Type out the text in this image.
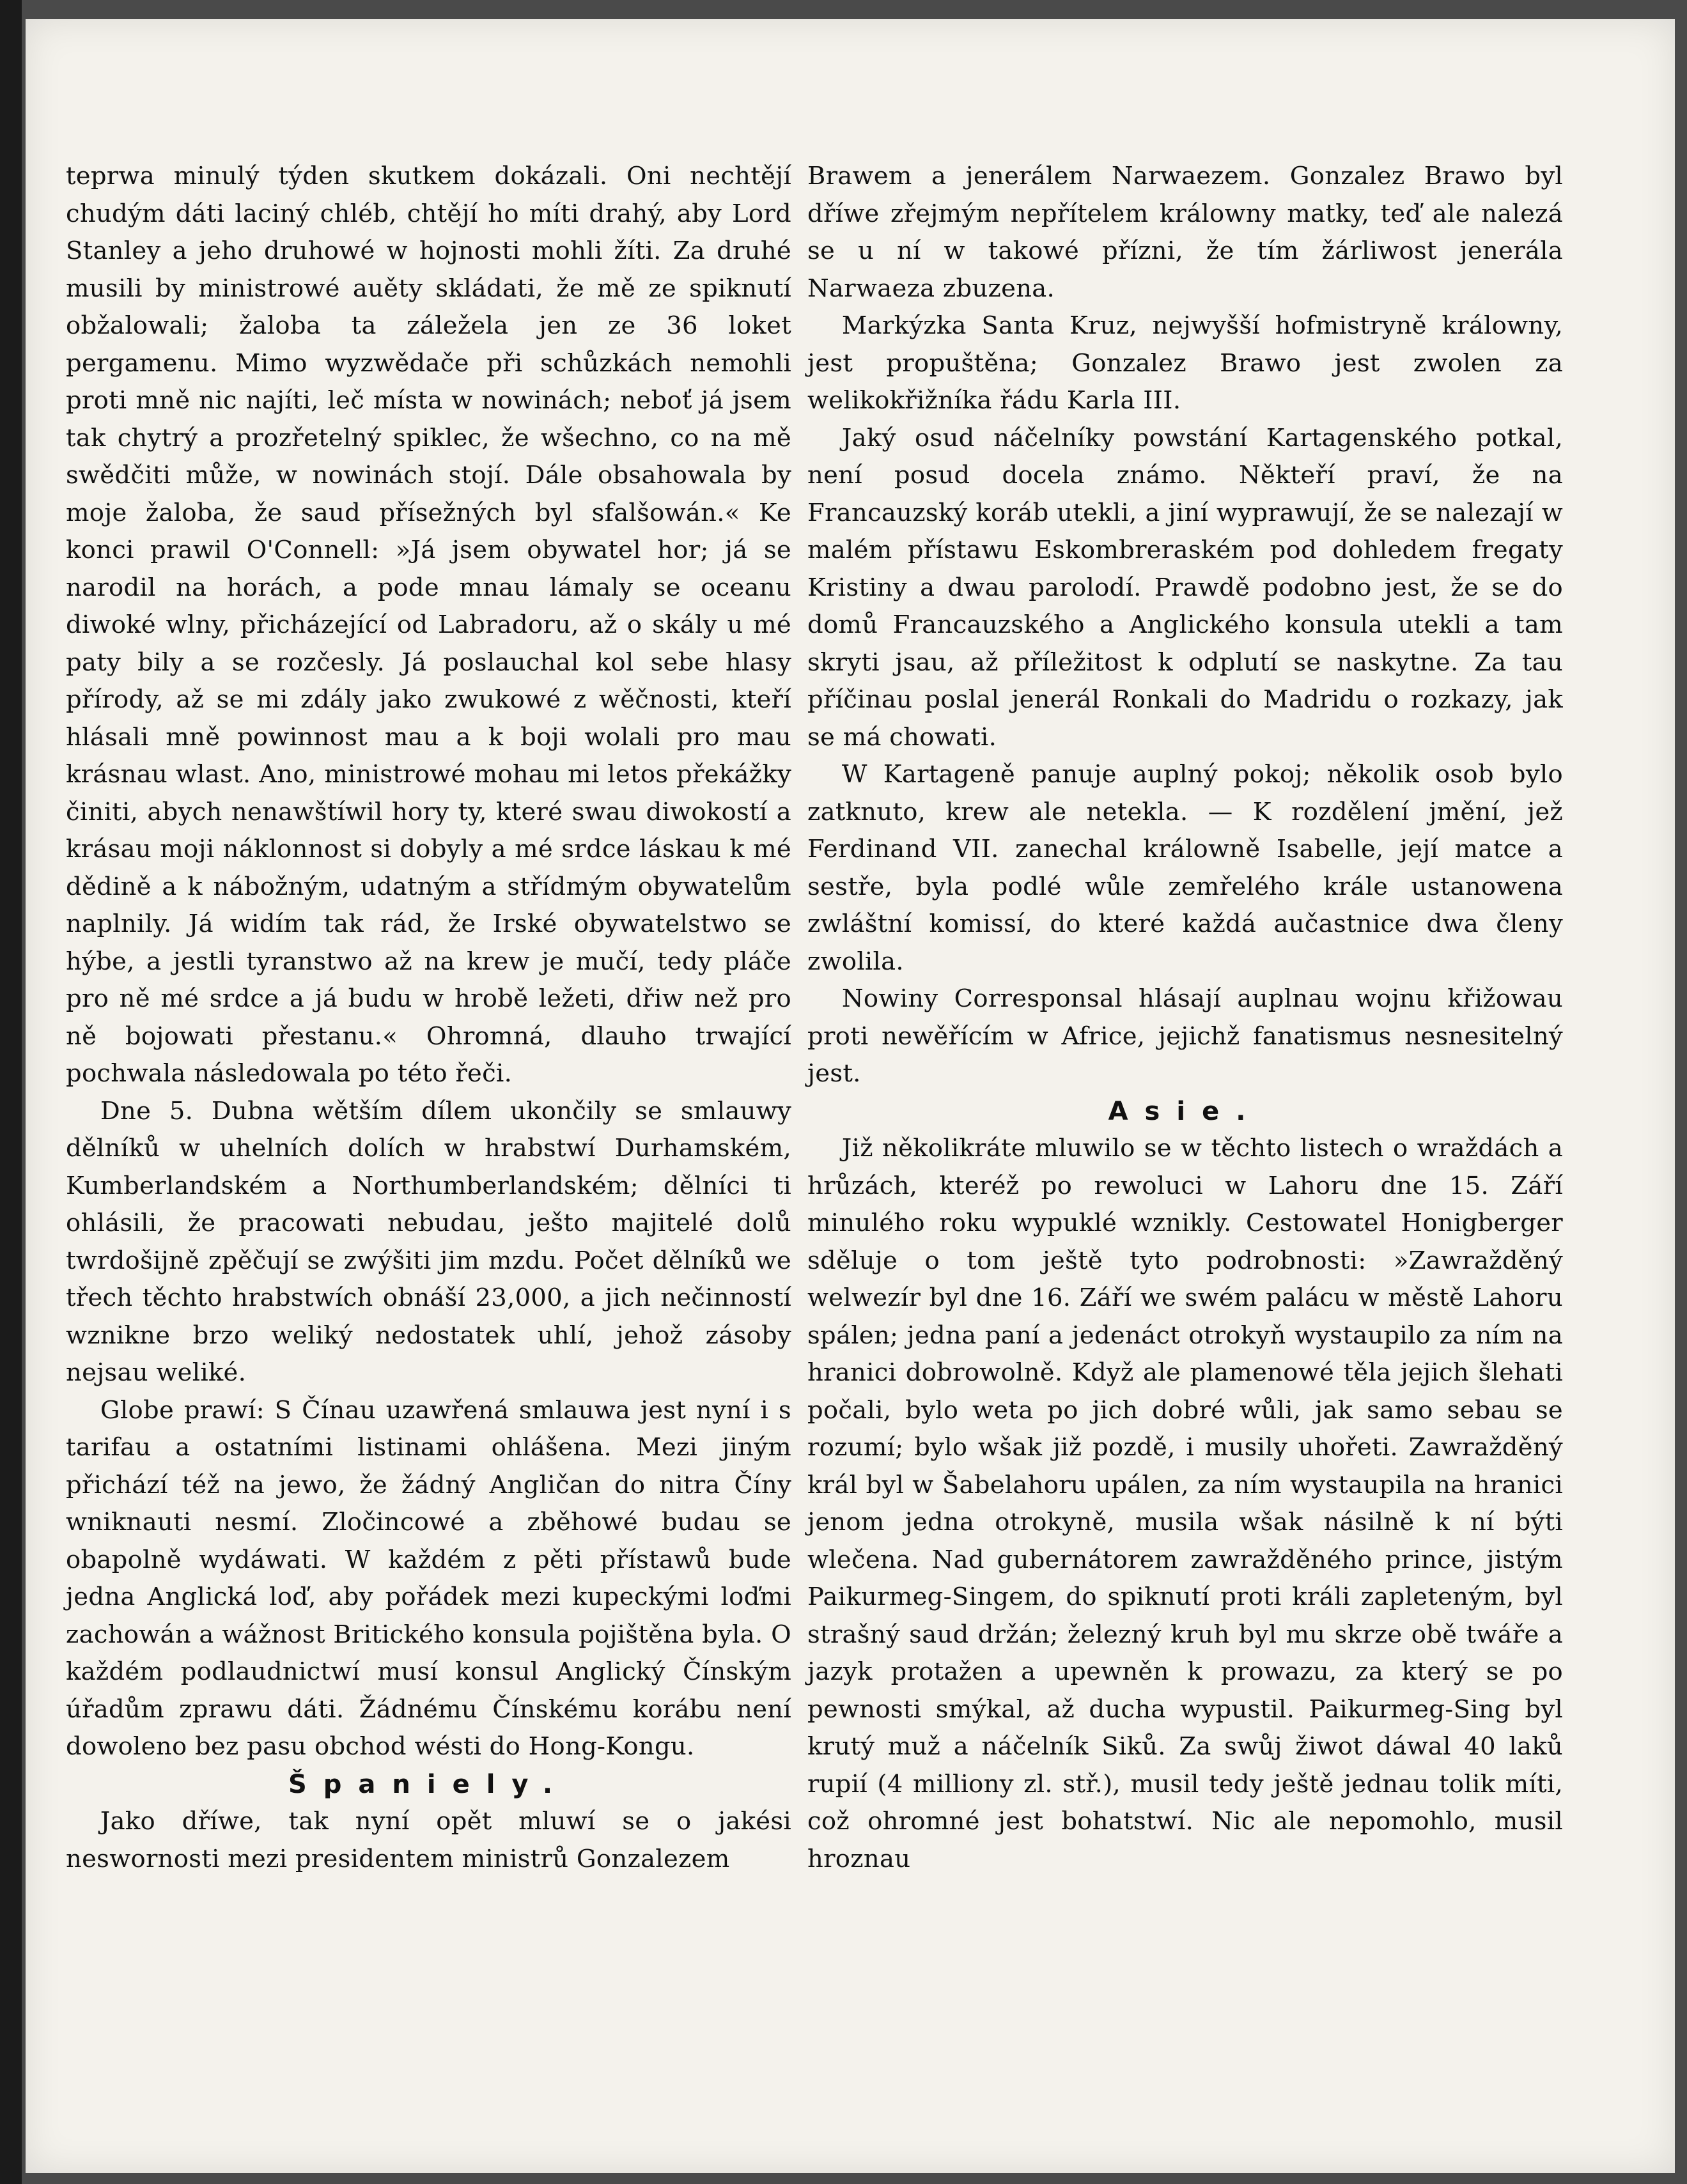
teprwa minulý týden skutkem dokázali. Oni nechtějí chudým dáti laciný chléb, chtějí ho míti drahý, aby Lord Stanley a jeho druhowé w hojnosti mohli žíti. Za druhé musili by ministrowé auěty skládati, že mě ze spiknutí obžalowali; žaloba ta záležela jen ze 36 loket pergamenu. Mimo wyzwědače při schůzkách nemohli proti mně nic najíti, leč místa w nowinách; neboť já jsem tak chytrý a prozřetelný spiklec, že wšechno, co na mě swědčiti může, w nowinách stojí. Dále obsahowala by moje žaloba, že saud přísežných byl sfalšowán.« Ke konci prawil O'Connell: »Já jsem obywatel hor; já se narodil na horách, a pode mnau lámaly se oceanu diwoké wlny, přicházející od Labradoru, až o skály u mé paty bily a se rozčesly. Já poslauchal kol sebe hlasy přírody, až se mi zdály jako zwukowé z wěčnosti, kteří hlásali mně powinnost mau a k boji wolali pro mau krásnau wlast. Ano, ministrowé mohau mi letos překážky činiti, abych nenawštíwil hory ty, které swau diwokostí a krásau moji náklonnost si dobyly a mé srdce láskau k mé dědině a k nábožným, udatným a střídmým obywatelům naplnily. Já widím tak rád, že Irské obywatelstwo se hýbe, a jestli tyranstwo až na krew je mučí, tedy pláče pro ně mé srdce a já budu w hrobě ležeti, dřiw než pro ně bojowati přestanu.« Ohromná, dlauho trwající pochwala následowala po této řeči.

Dne 5. Dubna wětším dílem ukončily se smlauwy dělníků w uhelních dolích w hrabstwí Durhamském, Kumberlandském a Northumberlandském; dělníci ti ohlásili, že pracowati nebudau, ješto majitelé dolů twrdošijně zpěčují se zwýšiti jim mzdu. Počet dělníků we třech těchto hrabstwích obnáší 23,000, a jich nečinností wznikne brzo weliký nedostatek uhlí, jehož zásoby nejsau weliké.

Globe prawí: S Čínau uzawřená smlauwa jest nyní i s tarifau a ostatními listinami ohlášena. Mezi jiným přichází též na jewo, že žádný Angličan do nitra Číny wniknauti nesmí. Zločincowé a zběhowé budau se obapolně wydáwati. W každém z pěti přístawů bude jedna Anglická loď, aby pořádek mezi kupeckými loďmi zachowán a wážnost Britického konsula pojištěna byla. O každém podlaudnictwí musí konsul Anglický Čínským úřadům zprawu dáti. Žádnému Čínskému korábu není dowoleno bez pasu obchod wésti do Hong-Kongu.

Španiely.

Jako dříwe, tak nyní opět mluwí se o jakési neswornosti mezi presidentem ministrů Gonzalezem

Brawem a jenerálem Narwaezem. Gonzalez Brawo byl dříwe zřejmým nepřítelem králowny matky, teď ale nalezá se u ní w takowé přízni, že tím žárliwost jenerála Narwaeza zbuzena.

Markýzka Santa Kruz, nejwyšší hofmistryně králowny, jest propuštěna; Gonzalez Brawo jest zwolen za welikokřižníka řádu Karla III.

Jaký osud náčelníky powstání Kartagenského potkal, není posud docela známo. Někteří praví, že na Francauzský koráb utekli, a jiní wyprawují, že se nalezají w malém přístawu Eskombreraském pod dohledem fregaty Kristiny a dwau parolodí. Prawdě podobno jest, že se do domů Francauzského a Anglického konsula utekli a tam skryti jsau, až příležitost k odplutí se naskytne. Za tau příčinau poslal jenerál Ronkali do Madridu o rozkazy, jak se má chowati.

W Kartageně panuje auplný pokoj; několik osob bylo zatknuto, krew ale netekla. — K rozdělení jmění, jež Ferdinand VII. zanechal králowně Isabelle, její matce a sestře, byla podlé wůle zemřelého krále ustanowena zwláštní komissí, do které každá aučastnice dwa členy zwolila.

Nowiny Corresponsal hlásají auplnau wojnu křižowau proti newěřícím w Africe, jejichž fanatismus nesnesitelný jest.

Asie.

Již několikráte mluwilo se w těchto listech o wraždách a hrůzách, kteréž po rewoluci w Lahoru dne 15. Září minulého roku wypuklé wznikly. Cestowatel Honigberger sděluje o tom ještě tyto podrobnosti: »Zawražděný welwezír byl dne 16. Září we swém palácu w městě Lahoru spálen; jedna paní a jedenáct otrokyň wystaupilo za ním na hranici dobrowolně. Když ale plamenowé těla jejich šlehati počali, bylo weta po jich dobré wůli, jak samo sebau se rozumí; bylo wšak již pozdě, i musily uhořeti. Zawražděný král byl w Šabelahoru upálen, za ním wystaupila na hranici jenom jedna otrokyně, musila wšak násilně k ní býti wlečena. Nad gubernátorem zawražděného prince, jistým Paikurmeg-Singem, do spiknutí proti králi zapleteným, byl strašný saud držán; železný kruh byl mu skrze obě twáře a jazyk protažen a upewněn k prowazu, za který se po pewnosti smýkal, až ducha wypustil. Paikurmeg-Sing byl krutý muž a náčelník Siků. Za swůj žiwot dáwal 40 laků rupií (4 milliony zl. stř.), musil tedy ještě jednau tolik míti, což ohromné jest bohatstwí. Nic ale nepomohlo, musil hroznau
